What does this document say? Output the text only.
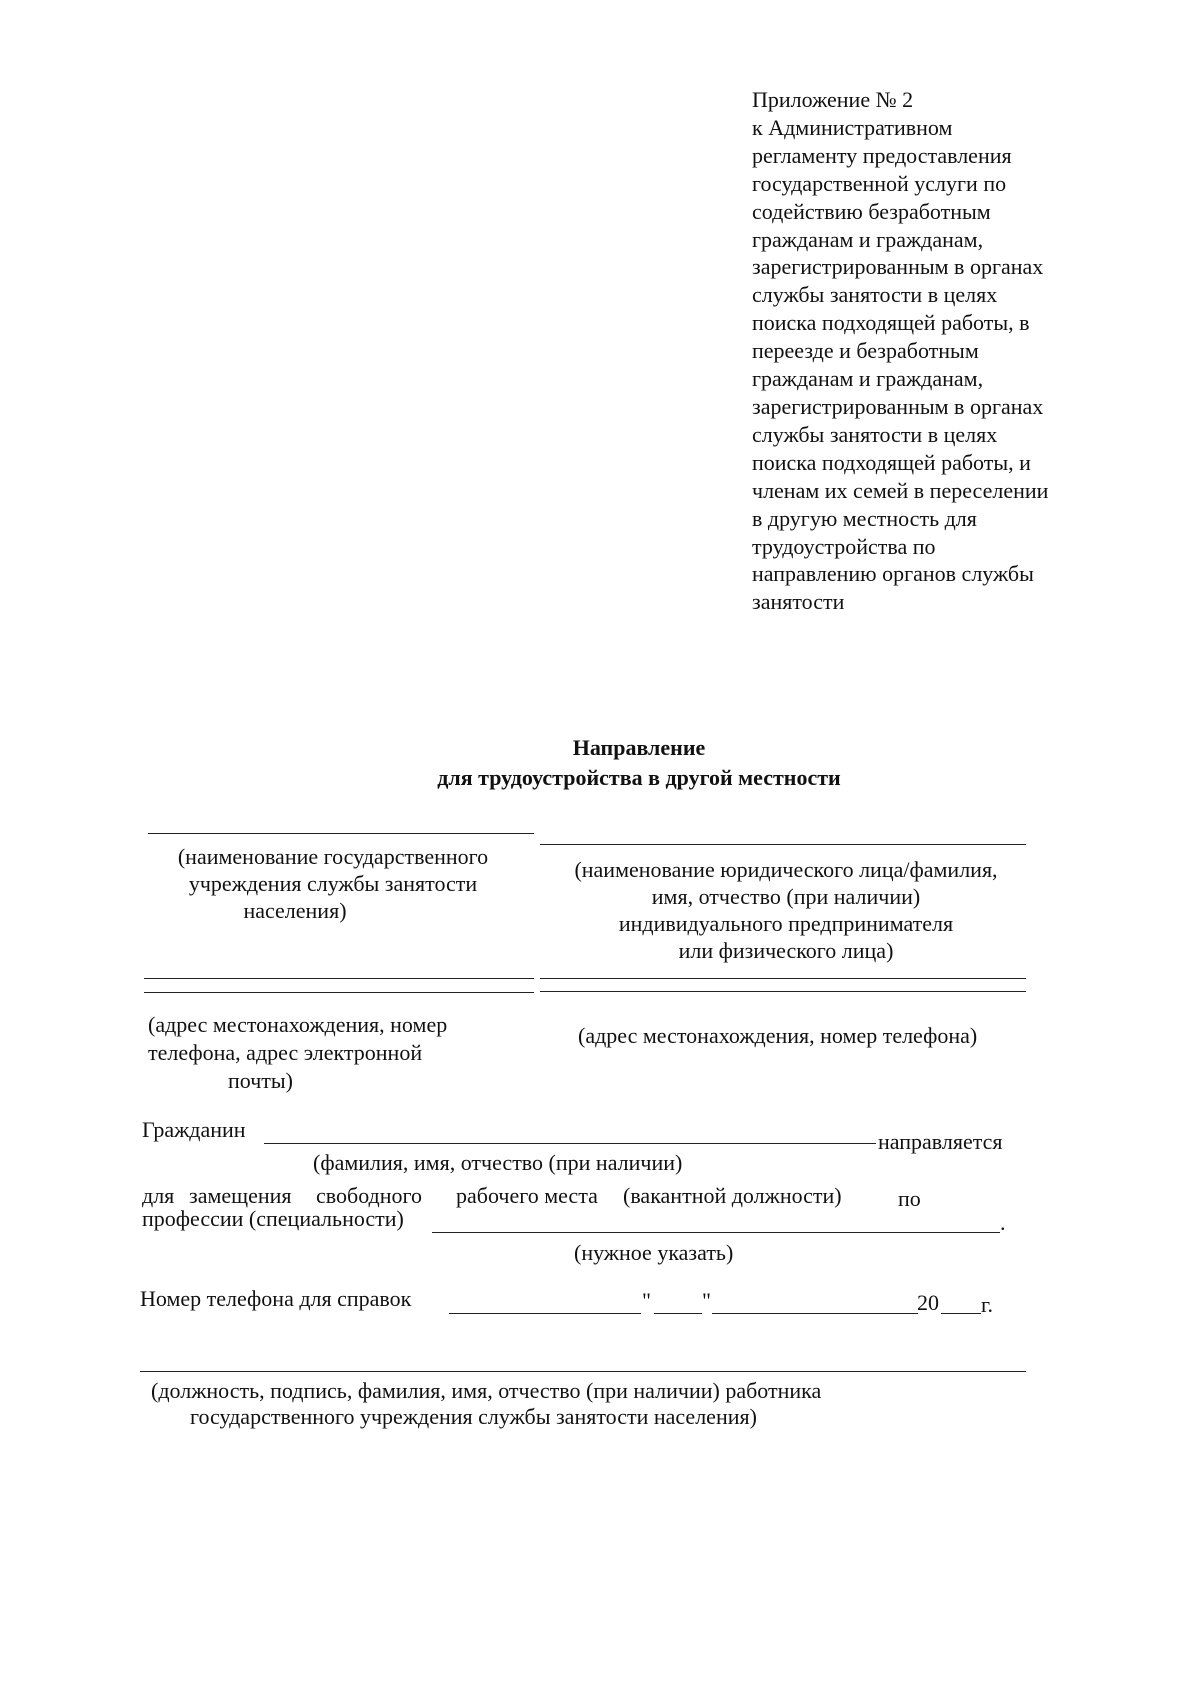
Приложение № 2
к Административном
регламенту предоставления
государственной услуги по
содействию безработным
гражданам и гражданам,
зарегистрированным в органах
службы занятости в целях
поиска подходящей работы, в
переезде и безработным
гражданам и гражданам,
зарегистрированным в органах
службы занятости в целях
поиска подходящей работы, и
членам их семей в переселении
в другую местность для
трудоустройства по
направлению органов службы
занятости
Направление
для трудоустройства в другой местности
(наименование государственного
учреждения службы занятости
населения)
(наименование юридического лица/фамилия,
имя, отчество (при наличии)
индивидуального предпринимателя
или физического лица)
(адрес местонахождения, номер
телефона, адрес электронной
почты)
(адрес местонахождения, номер телефона)
Гражданин	направляется
(фамилия, имя, отчество (при наличии)
для замещения свободного рабочего места (вакантной должности)	по
профессии (специальности)	.
(нужное указать)
Номер телефона для справок	" "	20 г.
(должность, подпись, фамилия, имя, отчество (при наличии) работника
государственного учреждения службы занятости населения)
